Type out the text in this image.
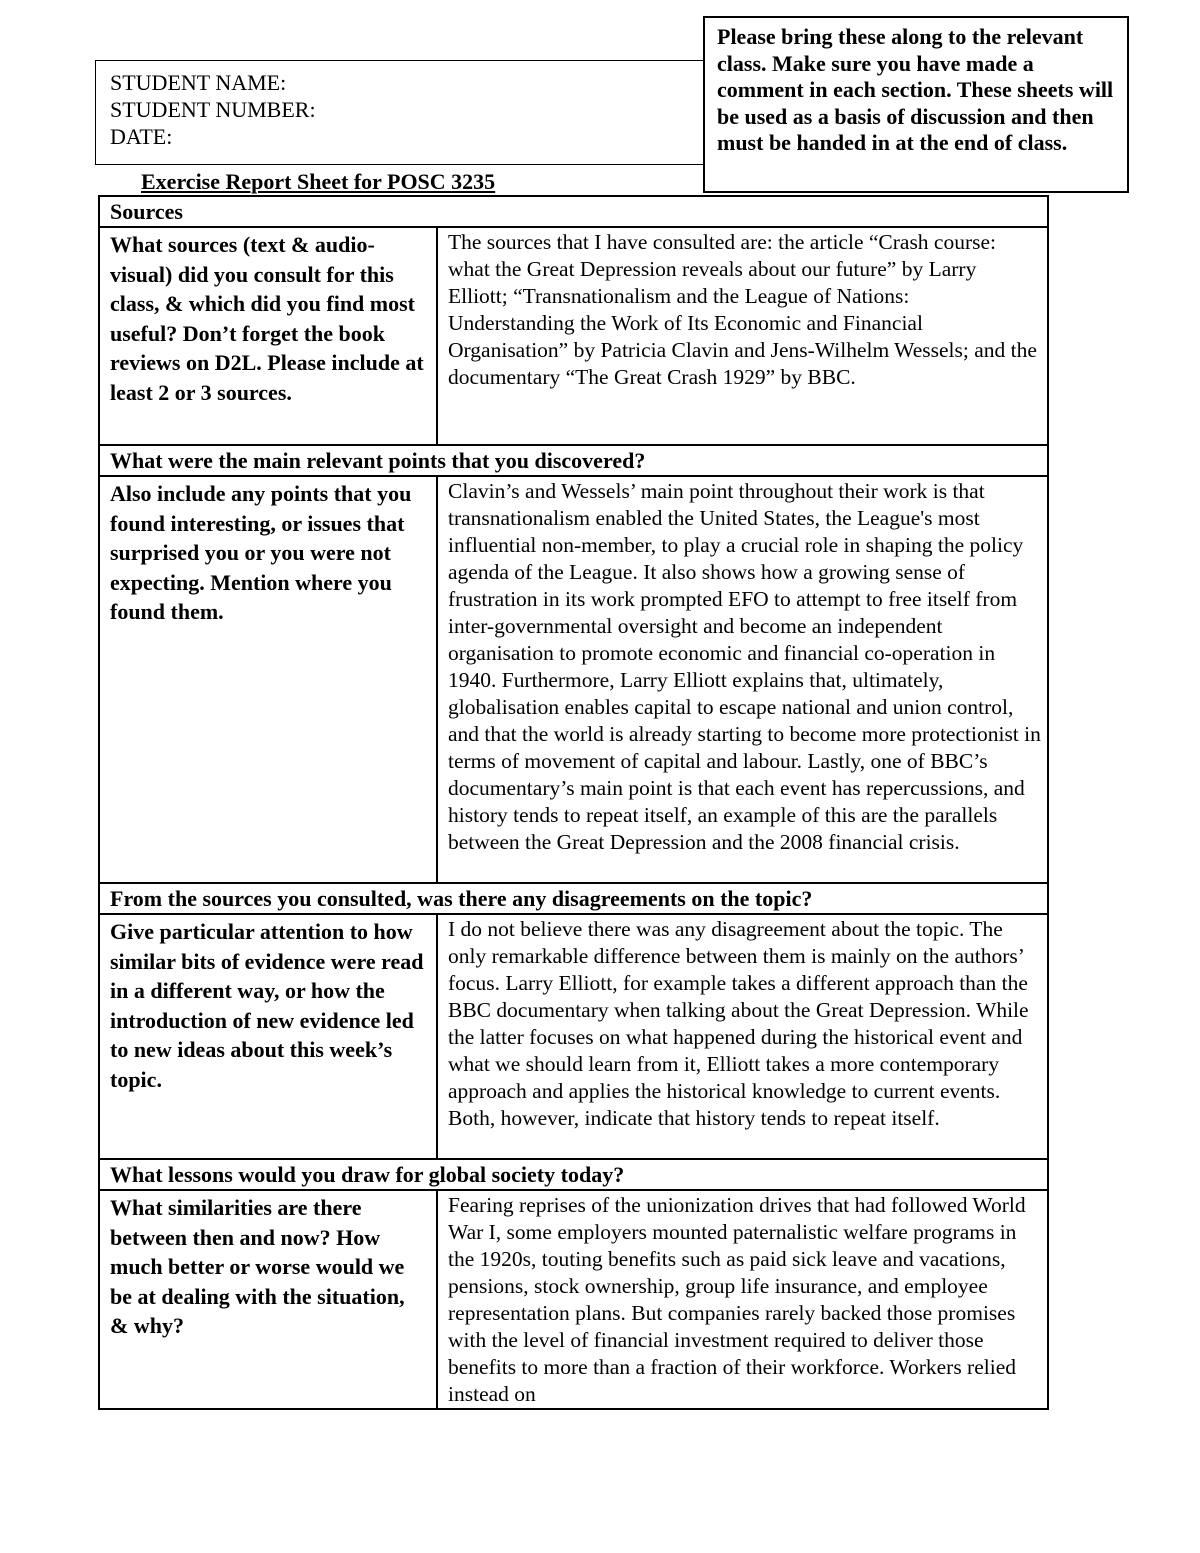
STUDENT NAME:
STUDENT NUMBER:
DATE:
Please bring these along to the relevant class. Make sure you have made a comment in each section. These sheets will be used as a basis of discussion and then must be handed in at the end of class.
Exercise Report Sheet for POSC 3235
Sources	
What sources (text & audio-visual) did you consult for this class, & which did you find most useful? Don’t forget the book reviews on D2L. Please include at least 2 or 3 sources.	The sources that I have consulted are: the article “Crash course: what the Great Depression reveals about our future” by Larry Elliott; “Transnationalism and the League of Nations: Understanding the Work of Its Economic and Financial Organisation” by Patricia Clavin and Jens-Wilhelm Wessels; and the documentary “The Great Crash 1929” by BBC.
What were the main relevant points that you discovered?	
Also include any points that you found interesting, or issues that surprised you or you were not expecting. Mention where you found them.	Clavin’s and Wessels’ main point throughout their work is that transnationalism enabled the United States, the League's most influential non-member, to play a crucial role in shaping the policy agenda of the League. It also shows how a growing sense of frustration in its work prompted EFO to attempt to free itself from inter-governmental oversight and become an independent organisation to promote economic and financial co-operation in 1940. Furthermore, Larry Elliott explains that, ultimately, globalisation enables capital to escape national and union control, and that the world is already starting to become more protectionist in terms of movement of capital and labour. Lastly, one of BBC’s documentary’s main point is that each event has repercussions, and history tends to repeat itself, an example of this are the parallels between the Great Depression and the 2008 financial crisis.
From the sources you consulted, was there any disagreements on the topic?	
Give particular attention to how similar bits of evidence were read in a different way, or how the introduction of new evidence led to new ideas about this week’s topic.	I do not believe there was any disagreement about the topic. The only remarkable difference between them is mainly on the authors’ focus. Larry Elliott, for example takes a different approach than the BBC documentary when talking about the Great Depression. While the latter focuses on what happened during the historical event and what we should learn from it, Elliott takes a more contemporary approach and applies the historical knowledge to current events. Both, however, indicate that history tends to repeat itself.
What lessons would you draw for global society today?	
What similarities are there between then and now? How much better or worse would we be at dealing with the situation, & why?	Fearing reprises of the unionization drives that had followed World War I, some employers mounted paternalistic welfare programs in the 1920s, touting benefits such as paid sick leave and vacations, pensions, stock ownership, group life insurance, and employee representation plans. But companies rarely backed those promises with the level of financial investment required to deliver those benefits to more than a fraction of their workforce. Workers relied instead on
